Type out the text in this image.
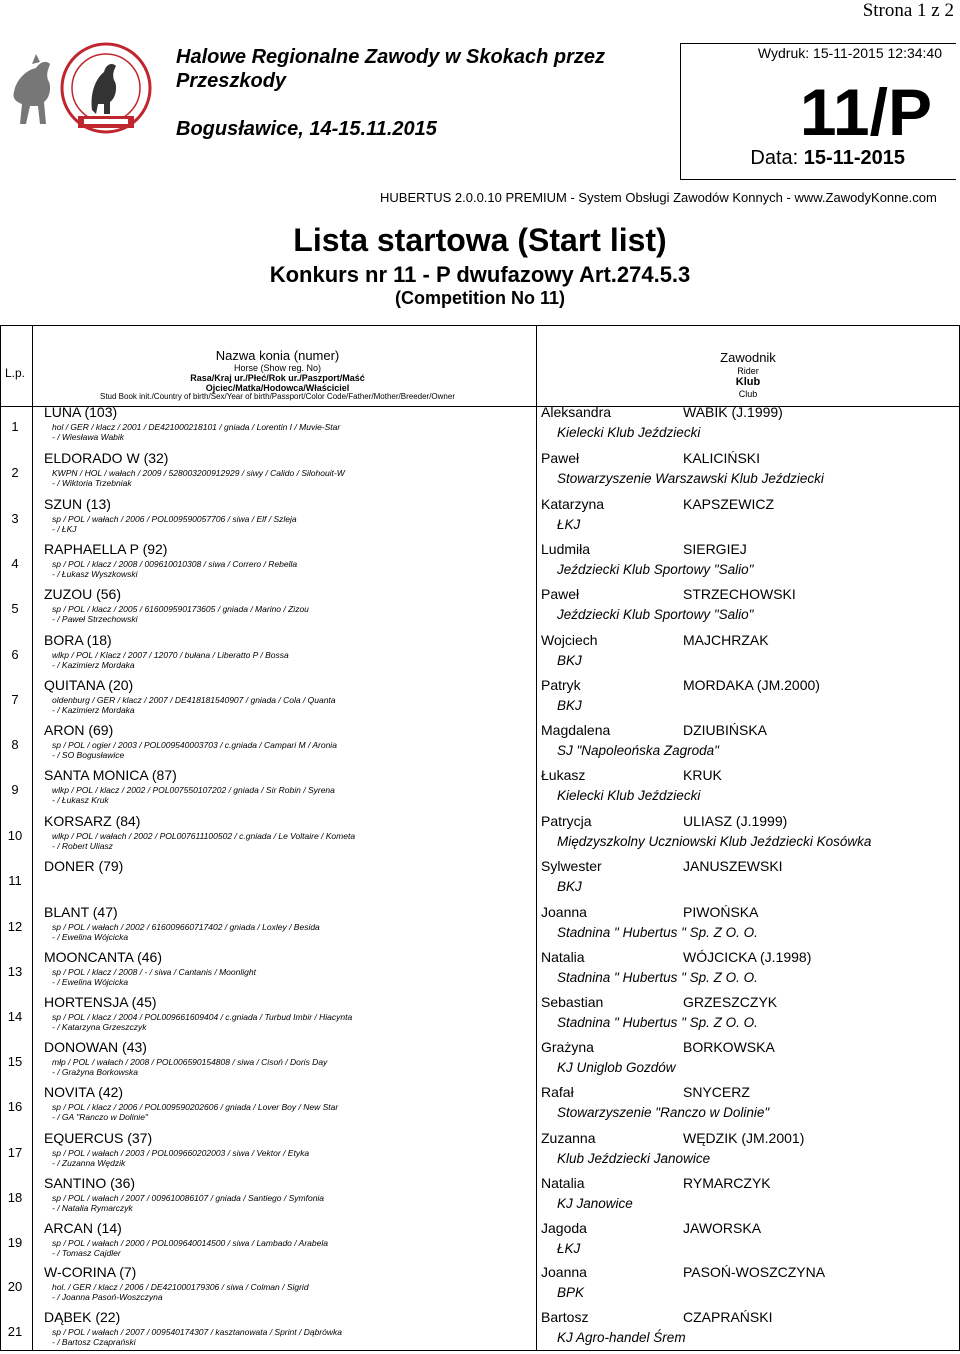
Strona 1 z 2
Halowe Regionalne Zawody w Skokach przez Przeszkody
Bogusławice, 14-15.11.2015
Wydruk: 15-11-2015 12:34:40
11/P
Data: 15-11-2015
HUBERTUS 2.0.0.10 PREMIUM - System Obsługi Zawodów Konnych - www.ZawodyKonne.com
Lista startowa (Start list)
Konkurs nr 11 - P dwufazowy Art.274.5.3
(Competition No 11)
L.p.
Nazwa konia (numer)
Horse (Show reg. No)
Rasa/Kraj ur./Płeć/Rok ur./Paszport/Maść
Ojciec/Matka/Hodowca/Właściciel
Stud Book init./Country of birth/Sex/Year of birth/Passport/Color Code/Father/Mother/Breeder/Owner
Zawodnik
Rider
Klub
Club
1
LUNA (103)
hol / GER / klacz / 2001 / DE421000218101 / gniada / Lorentin I / Muvie-Star
- / Wiesława Wabik
Aleksandra	WABIK (J.1999)
Kielecki Klub Jeździecki
2
ELDORADO W (32)
KWPN / HOL / wałach / 2009 / 528003200912929 / siwy / Calido / Silohouit-W
- / Wiktoria Trzebniak
Paweł	KALICIŃSKI
Stowarzyszenie Warszawski Klub Jeździecki
3
SZUN (13)
sp / POL / wałach / 2006 / POL009590057706 / siwa / Elf / Szleja
- / ŁKJ
Katarzyna	KAPSZEWICZ
ŁKJ
4
RAPHAELLA P (92)
sp / POL / klacz / 2008 / 009610010308 / siwa / Correro / Rebella
- / Łukasz Wyszkowski
Ludmiła	SIERGIEJ
Jeździecki Klub Sportowy "Salio"
5
ZUZOU (56)
sp / POL / klacz / 2005 / 616009590173605 / gniada / Marino / Zizou
- / Paweł Strzechowski
Paweł	STRZECHOWSKI
Jeździecki Klub Sportowy "Salio"
6
BORA (18)
wlkp / POL / Klacz / 2007 / 12070 / bułana / Liberatto P / Bossa
- / Kazimierz Mordaka
Wojciech	MAJCHRZAK
BKJ
7
QUITANA (20)
oldenburg / GER / klacz / 2007 / DE418181540907 / gniada / Cola / Quanta
- / Kazimierz Mordaka
Patryk	MORDAKA (JM.2000)
BKJ
8
ARON (69)
sp / POL / ogier / 2003 / POL009540003703 / c.gniada / Campari M / Aronia
- / SO Bogusławice
Magdalena	DZIUBIŃSKA
SJ "Napoleońska Zagroda"
9
SANTA MONICA (87)
wlkp / POL / klacz / 2002 / POL007550107202 / gniada / Sir Robin / Syrena
- / Łukasz Kruk
Łukasz	KRUK
Kielecki Klub Jeździecki
10
KORSARZ (84)
wlkp / POL / wałach / 2002 / POL007611100502 / c.gniada / Le Voltaire / Kometa
- / Robert Uliasz
Patrycja	ULIASZ (J.1999)
Międzyszkolny Uczniowski Klub Jeździecki Kosówka
11
DONER (79)	Sylwester	JANUSZEWSKI
BKJ
12
BLANT (47)
sp / POL / wałach / 2002 / 616009660717402 / gniada / Loxley / Besida
- / Ewelina Wójcicka
Joanna	PIWOŃSKA
Stadnina " Hubertus " Sp. Z O. O.
13
MOONCANTA (46)
sp / POL / klacz / 2008 / - / siwa / Cantanis / Moonlight
- / Ewelina Wójcicka
Natalia	WÓJCICKA (J.1998)
Stadnina " Hubertus " Sp. Z O. O.
14
HORTENSJA (45)
sp / POL / klacz / 2004 / POL009661609404 / c.gniada / Turbud Imbir / Hiacynta
- / Katarzyna Grzeszczyk
Sebastian	GRZESZCZYK
Stadnina " Hubertus " Sp. Z O. O.
15
DONOWAN (43)
młp / POL / wałach / 2008 / POL006590154808 / siwa / Cisoń / Doris Day
- / Grażyna Borkowska
Grażyna	BORKOWSKA
KJ Uniglob Gozdów
16
NOVITA (42)
sp / POL / klacz / 2006 / POL009590202606 / gniada / Lover Boy / New Star
- / GA "Ranczo w Dolinie"
Rafał	SNYCERZ
Stowarzyszenie "Ranczo w Dolinie"
17
EQUERCUS (37)
sp / POL / wałach / 2003 / POL009660202003 / siwa / Vektor / Etyka
- / Zuzanna Wędzik
Zuzanna	WĘDZIK (JM.2001)
Klub Jeździecki Janowice
18
SANTINO (36)
sp / POL / wałach / 2007 / 009610086107 / gniada / Santiego / Symfonia
- / Natalia Rymarczyk
Natalia	RYMARCZYK
KJ Janowice
19
ARCAN (14)
sp / POL / wałach / 2000 / POL009640014500 / siwa / Lambado / Arabela
- / Tomasz Cajdler
Jagoda	JAWORSKA
ŁKJ
20
W-CORINA (7)
hol. / GER / klacz / 2006 / DE421000179306 / siwa / Colman / Sigrid
- / Joanna Pasoń-Woszczyna
Joanna	PASOŃ-WOSZCZYNA
BPK
21
DĄBEK (22)
sp / POL / wałach / 2007 / 009540174307 / kasztanowata / Sprint / Dąbrówka
- / Bartosz Czaprański
Bartosz	CZAPRAŃSKI
KJ Agro-handel Śrem
